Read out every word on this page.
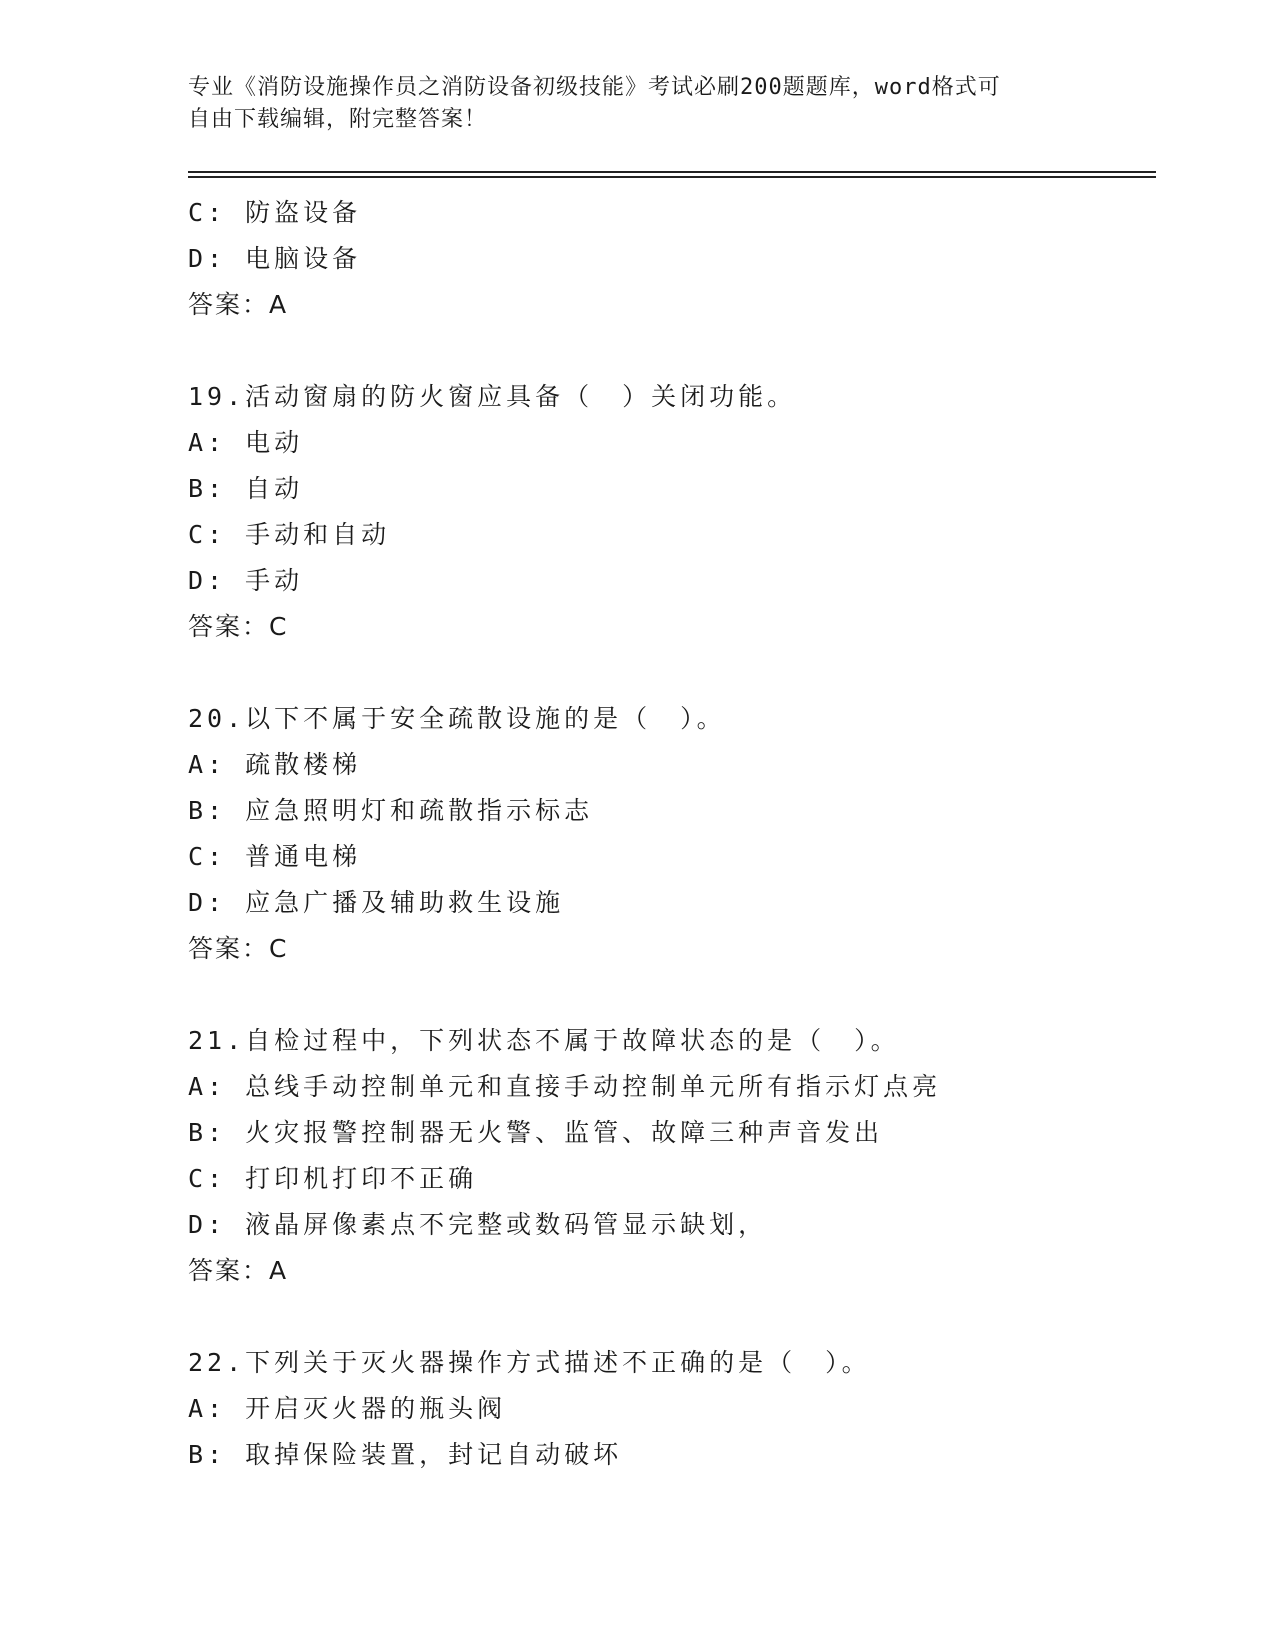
专业《消防设施操作员之消防设备初级技能》考试必刷200题题库，word格式可
自由下载编辑，附完整答案！
C: 防盗设备
D: 电脑设备
答案：A
19.活动窗扇的防火窗应具备（　）关闭功能。
A: 电动
B: 自动
C: 手动和自动
D: 手动
答案：C
20.以下不属于安全疏散设施的是（　）。
A: 疏散楼梯
B: 应急照明灯和疏散指示标志
C: 普通电梯
D: 应急广播及辅助救生设施
答案：C
21.自检过程中，下列状态不属于故障状态的是（　）。
A: 总线手动控制单元和直接手动控制单元所有指示灯点亮
B: 火灾报警控制器无火警、监管、故障三种声音发出
C: 打印机打印不正确
D: 液晶屏像素点不完整或数码管显示缺划，
答案：A
22.下列关于灭火器操作方式描述不正确的是（　）。
A: 开启灭火器的瓶头阀
B: 取掉保险装置，封记自动破坏
